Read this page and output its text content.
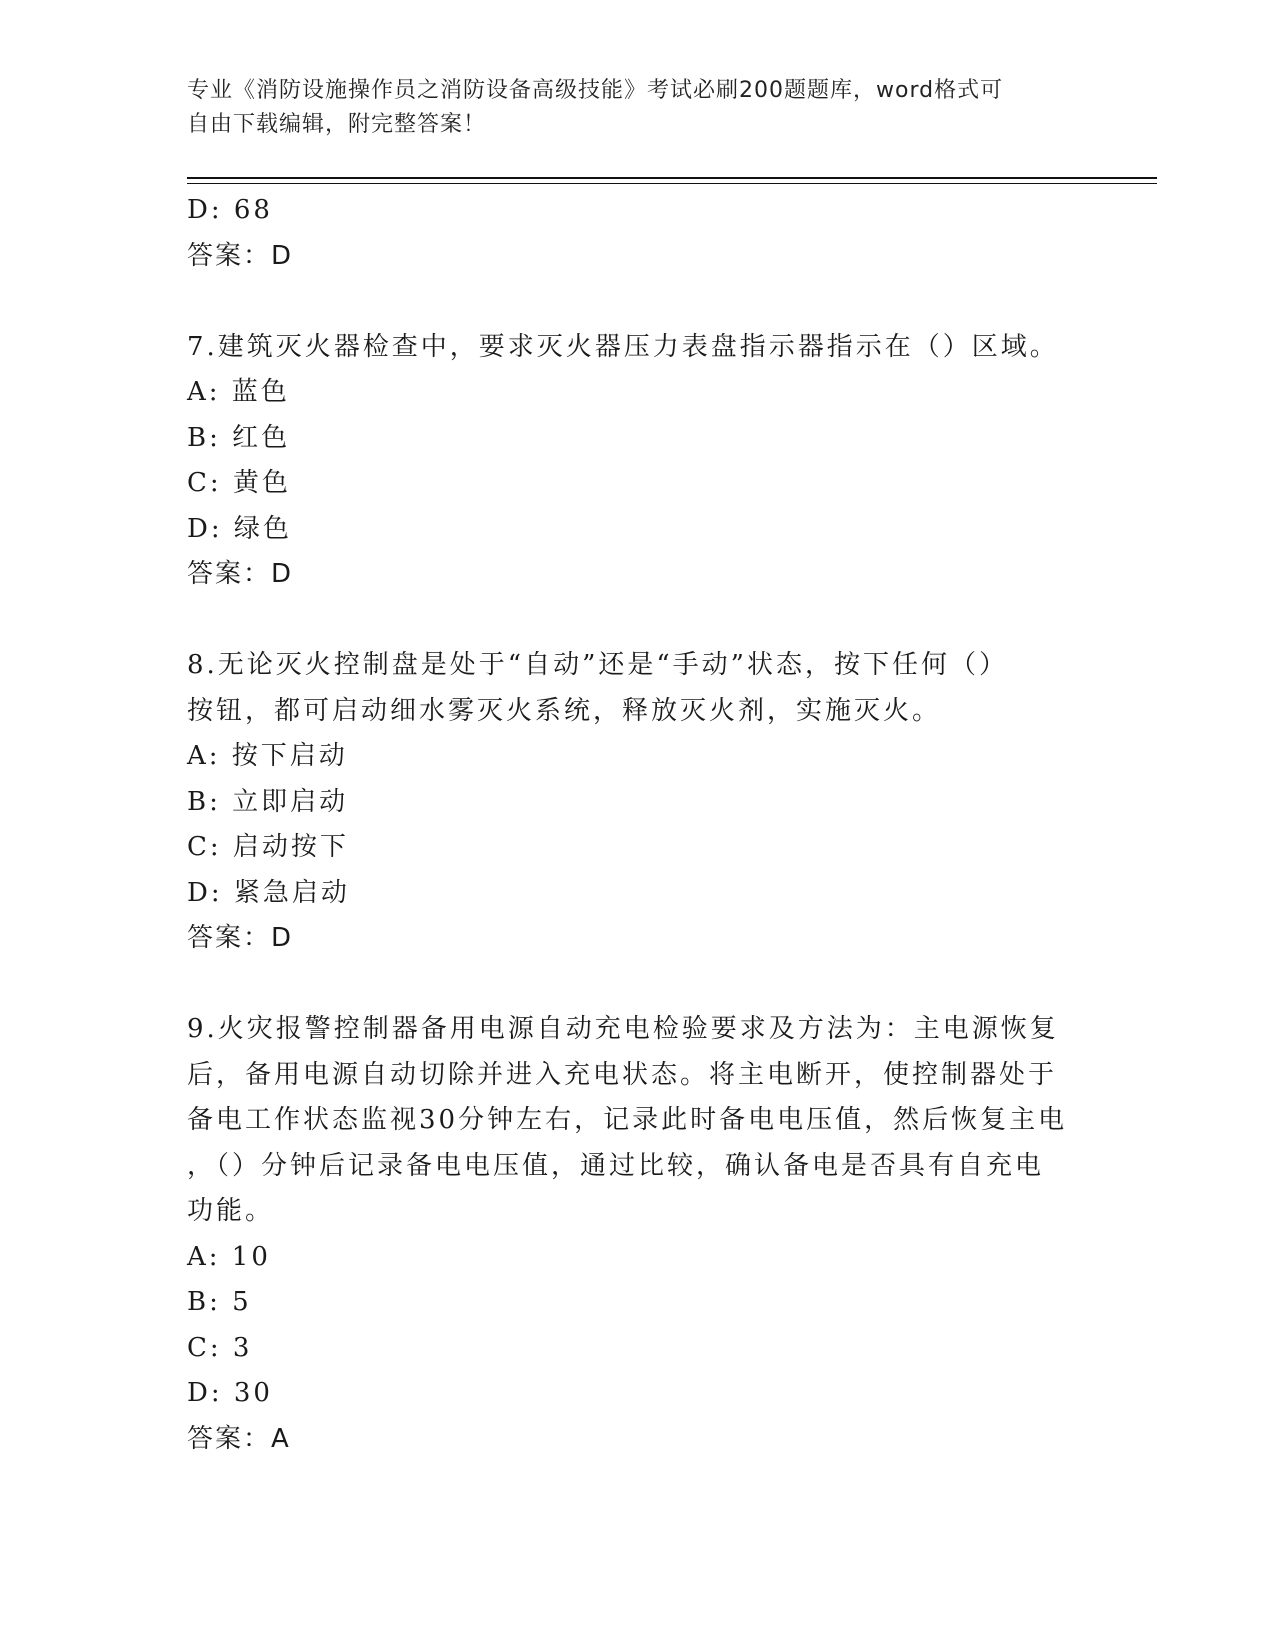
专业《消防设施操作员之消防设备高级技能》考试必刷200题题库，word格式可
自由下载编辑，附完整答案！
D: 68
答案：D
7.建筑灭火器检查中，要求灭火器压力表盘指示器指示在（）区域。
A: 蓝色
B: 红色
C: 黄色
D: 绿色
答案：D
8.无论灭火控制盘是处于“自动”还是“手动”状态，按下任何（）
按钮，都可启动细水雾灭火系统，释放灭火剂，实施灭火。
A: 按下启动
B: 立即启动
C: 启动按下
D: 紧急启动
答案：D
9.火灾报警控制器备用电源自动充电检验要求及方法为：主电源恢复
后，备用电源自动切除并进入充电状态。将主电断开，使控制器处于
备电工作状态监视30分钟左右，记录此时备电电压值，然后恢复主电
，（）分钟后记录备电电压值，通过比较，确认备电是否具有自充电
功能。
A: 10
B: 5
C: 3
D: 30
答案：A
